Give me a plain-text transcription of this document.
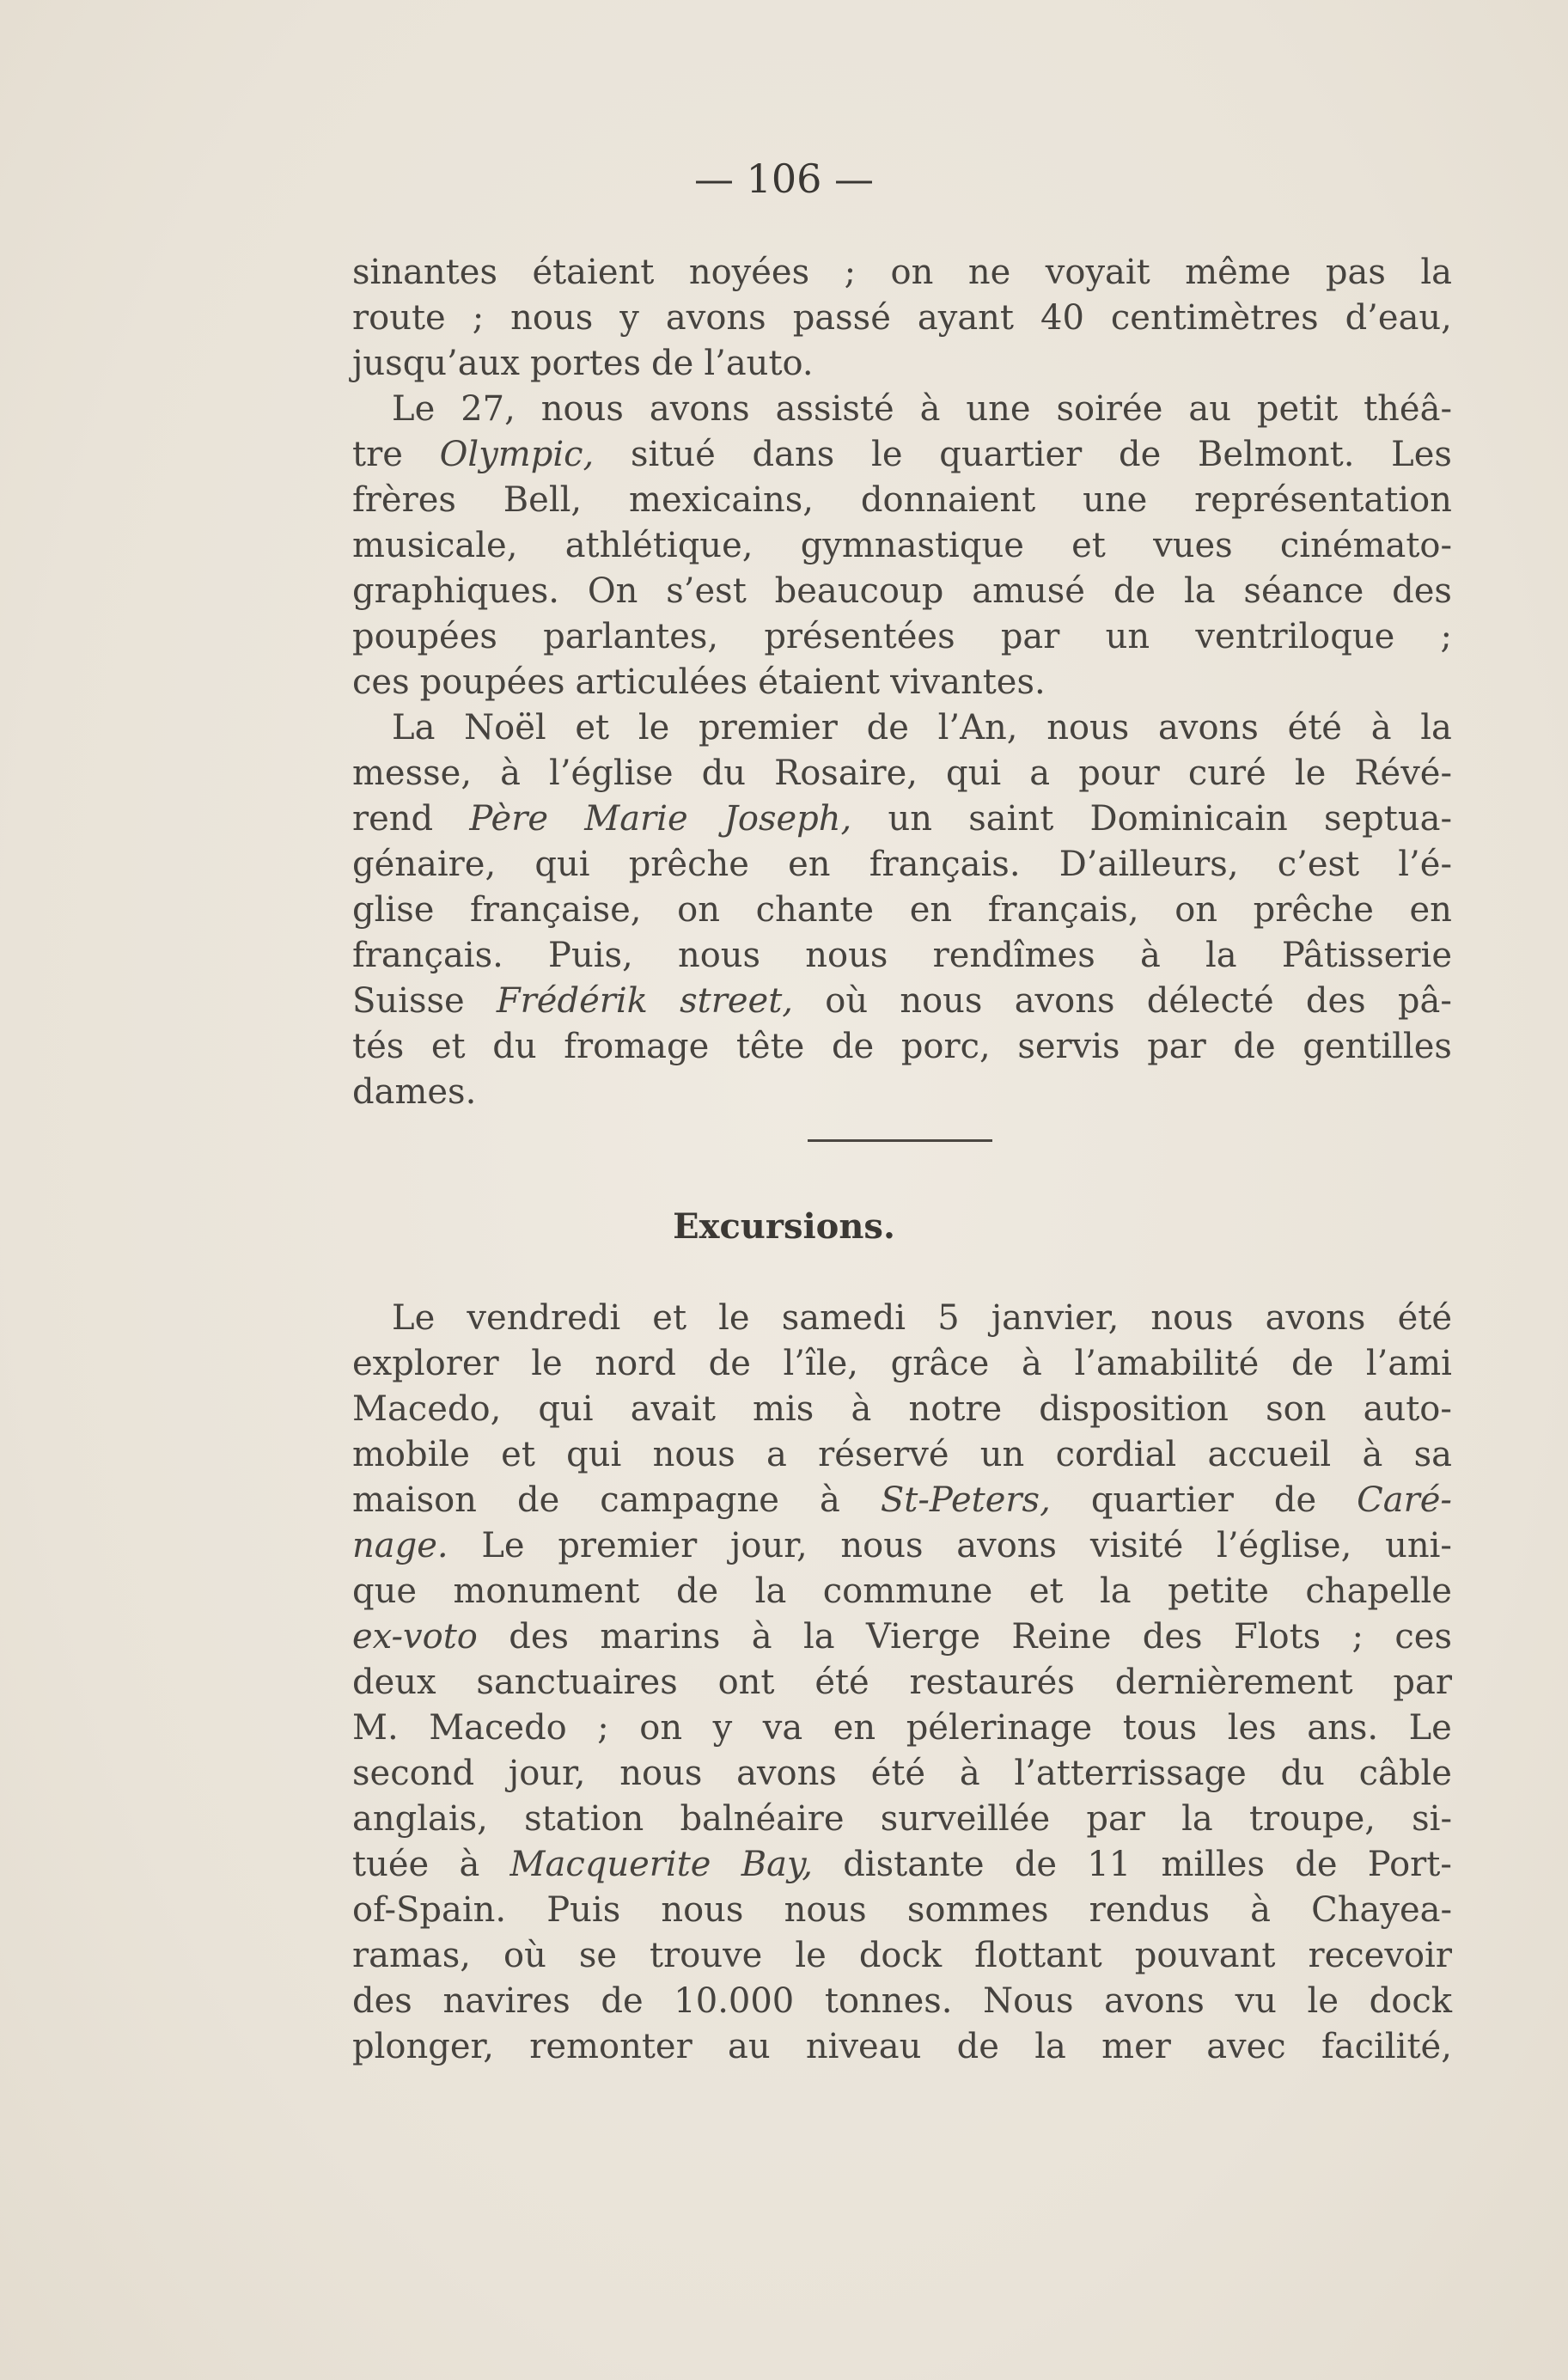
— 106 —
sinantes étaient noyées ; on ne voyait même pas la
route ; nous y avons passé ayant 40 centimètres d’eau,
jusqu’aux portes de l’auto.
Le 27, nous avons assisté à une soirée au petit théâ-
tre Olympic, situé dans le quartier de Belmont. Les
frères Bell, mexicains, donnaient une représentation
musicale, athlétique, gymnastique et vues cinémato-
graphiques. On s’est beaucoup amusé de la séance des
poupées parlantes, présentées par un ventriloque ;
ces poupées articulées étaient vivantes.
La Noël et le premier de l’An, nous avons été à la
messe, à l’église du Rosaire, qui a pour curé le Révé-
rend Père Marie Joseph, un saint Dominicain septua-
génaire, qui prêche en français. D’ailleurs, c’est l’é-
glise française, on chante en français, on prêche en
français. Puis, nous nous rendîmes à la Pâtisserie
Suisse Frédérik street, où nous avons délecté des pâ-
tés et du fromage tête de porc, servis par de gentilles
dames.
Excursions.
Le vendredi et le samedi 5 janvier, nous avons été
explorer le nord de l’île, grâce à l’amabilité de l’ami
Macedo, qui avait mis à notre disposition son auto-
mobile et qui nous a réservé un cordial accueil à sa
maison de campagne à St-Peters, quartier de Caré-
nage. Le premier jour, nous avons visité l’église, uni-
que monument de la commune et la petite chapelle
ex-voto des marins à la Vierge Reine des Flots ; ces
deux sanctuaires ont été restaurés dernièrement par
M. Macedo ; on y va en pélerinage tous les ans. Le
second jour, nous avons été à l’atterrissage du câble
anglais, station balnéaire surveillée par la troupe, si-
tuée à Macquerite Bay, distante de 11 milles de Port-
of-Spain. Puis nous nous sommes rendus à Chayea-
ramas, où se trouve le dock flottant pouvant recevoir
des navires de 10.000 tonnes. Nous avons vu le dock
plonger, remonter au niveau de la mer avec facilité,
